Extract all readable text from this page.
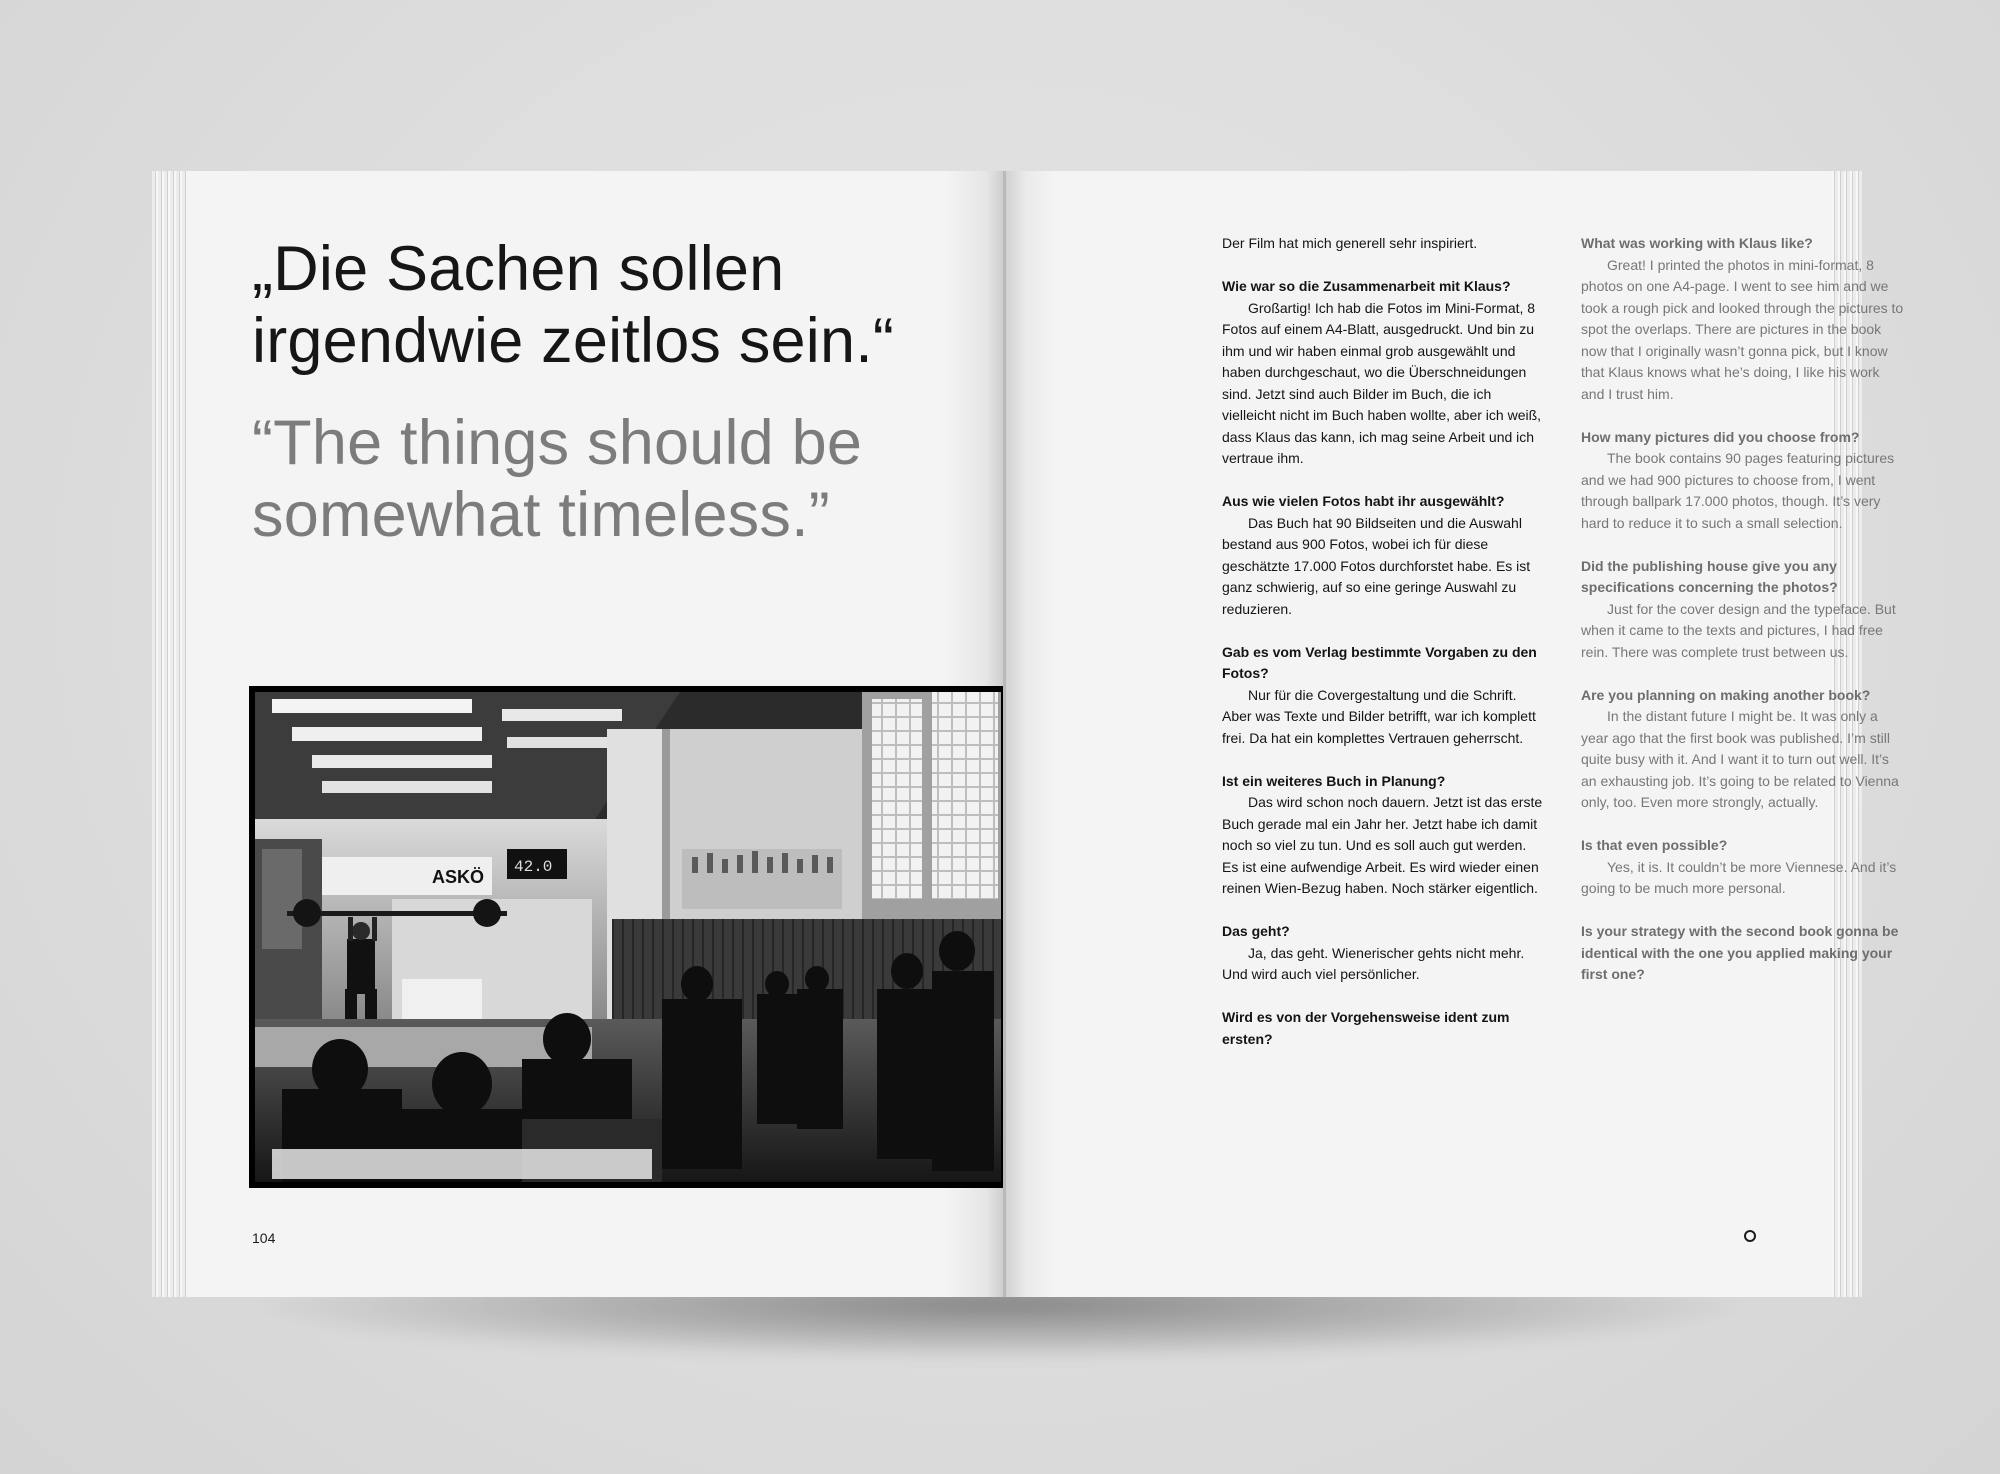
„Die Sachen sollen irgendwie zeitlos sein.“
“The things should be somewhat timeless.”
ASKÖ 42.0
104

Der Film hat mich generell sehr inspiriert.

Wie war so die Zusammenarbeit mit Klaus?

Großartig! Ich hab die Fotos im Mini-Format, 8 Fotos auf einem A4-Blatt, ausgedruckt. Und bin zu ihm und wir haben einmal grob ausgewählt und haben durchgeschaut, wo die Überschneidungen sind. Jetzt sind auch Bilder im Buch, die ich vielleicht nicht im Buch haben wollte, aber ich weiß, dass Klaus das kann, ich mag seine Arbeit und ich vertraue ihm.

Aus wie vielen Fotos habt ihr ausgewählt?

Das Buch hat 90 Bildseiten und die Auswahl bestand aus 900 Fotos, wobei ich für diese geschätzte 17.000 Fotos durchforstet habe. Es ist ganz schwierig, auf so eine geringe Auswahl zu reduzieren.

Gab es vom Verlag bestimmte Vorgaben zu den Fotos?

Nur für die Covergestaltung und die Schrift. Aber was Texte und Bilder betrifft, war ich komplett frei. Da hat ein komplettes Vertrauen geherrscht.

Ist ein weiteres Buch in Planung?

Das wird schon noch dauern. Jetzt ist das erste Buch gerade mal ein Jahr her. Jetzt habe ich damit noch so viel zu tun. Und es soll auch gut werden. Es ist eine aufwendige Arbeit. Es wird wieder einen reinen Wien-Bezug haben. Noch stärker eigentlich.

Das geht?

Ja, das geht. Wienerischer gehts nicht mehr. Und wird auch viel persönlicher.

Wird es von der Vorgehensweise ident zum ersten?

What was working with Klaus like?

Great! I printed the photos in mini-format, 8 photos on one A4-page. I went to see him and we took a rough pick and looked through the pictures to spot the overlaps. There are pictures in the book now that I originally wasn’t gonna pick, but I know that Klaus knows what he’s doing, I like his work and I trust him.

How many pictures did you choose from?

The book contains 90 pages featuring pictures and we had 900 pictures to choose from, I went through ballpark 17.000 photos, though. It’s very hard to reduce it to such a small selection.

Did the publishing house give you any specifications concerning the photos?

Just for the cover design and the typeface. But when it came to the texts and pictures, I had free rein. There was complete trust between us.

Are you planning on making another book?

In the distant future I might be. It was only a year ago that the first book was published. I’m still quite busy with it. And I want it to turn out well. It’s an exhausting job. It’s going to be related to Vienna only, too. Even more strongly, actually.

Is that even possible?

Yes, it is. It couldn’t be more Viennese. And it’s going to be much more personal.

Is your strategy with the second book gonna be identical with the one you applied making your first one?
